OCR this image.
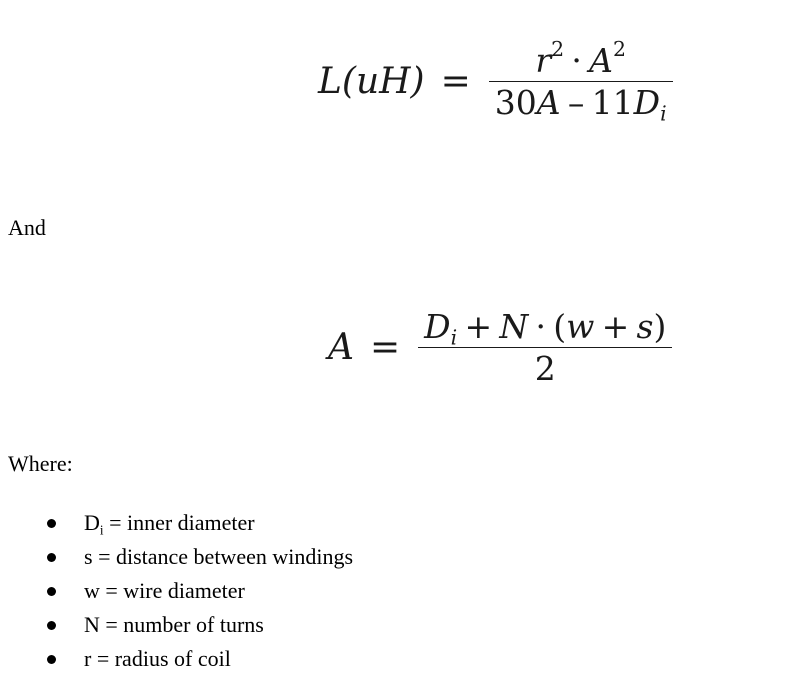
$L(uH) = \frac{r^2 \cdot A^2}{30A - 11D_i}$
And
$A = \frac{D_i + N \cdot (w + s)}{2}$
Where:
$D_i$ = inner diameter
s = distance between windings
w = wire diameter
N = number of turns
r = radius of coil
